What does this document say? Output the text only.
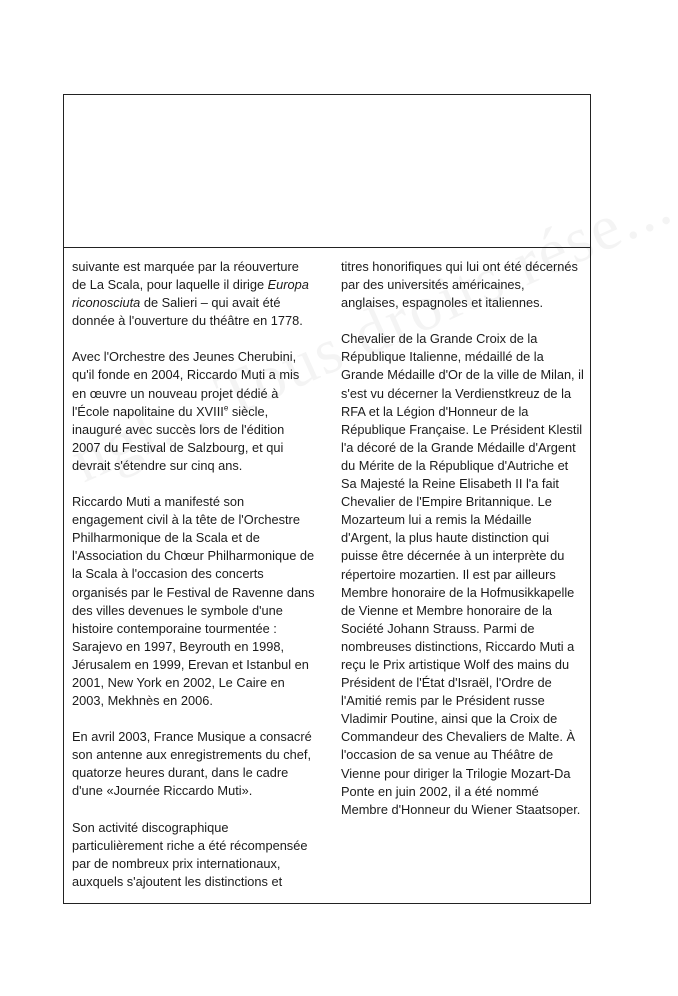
suivante est marquée par la réouverture de La Scala, pour laquelle il dirige Europa riconosciuta de Salieri – qui avait été donnée à l'ouverture du théâtre en 1778.

Avec l'Orchestre des Jeunes Cherubini, qu'il fonde en 2004, Riccardo Muti a mis en œuvre un nouveau projet dédié à l'École napolitaine du XVIIIe siècle, inauguré avec succès lors de l'édition 2007 du Festival de Salzbourg, et qui devrait s'étendre sur cinq ans.

Riccardo Muti a manifesté son engagement civil à la tête de l'Orchestre Philharmonique de la Scala et de l'Association du Chœur Philharmonique de la Scala à l'occasion des concerts organisés par le Festival de Ravenne dans des villes devenues le symbole d'une histoire contemporaine tourmentée : Sarajevo en 1997, Beyrouth en 1998, Jérusalem en 1999, Erevan et Istanbul en 2001, New York en 2002, Le Caire en 2003, Mekhnès en 2006.

En avril 2003, France Musique a consacré son antenne aux enregistrements du chef, quatorze heures durant, dans le cadre d'une «Journée Riccardo Muti».

Son activité discographique particulièrement riche a été récompensée par de nombreux prix internationaux, auxquels s'ajoutent les distinctions et

titres honorifiques qui lui ont été décernés par des universités américaines, anglaises, espagnoles et italiennes.

Chevalier de la Grande Croix de la République Italienne, médaillé de la Grande Médaille d'Or de la ville de Milan, il s'est vu décerner la Verdienstkreuz de la RFA et la Légion d'Honneur de la République Française. Le Président Klestil l'a décoré de la Grande Médaille d'Argent du Mérite de la République d'Autriche et Sa Majesté la Reine Elisabeth II l'a fait Chevalier de l'Empire Britannique. Le Mozarteum lui a remis la Médaille d'Argent, la plus haute distinction qui puisse être décernée à un interprète du répertoire mozartien. Il est par ailleurs Membre honoraire de la Hofmusikkapelle de Vienne et Membre honoraire de la Société Johann Strauss. Parmi de nombreuses distinctions, Riccardo Muti a reçu le Prix artistique Wolf des mains du Président de l'État d'Israël, l'Ordre de l'Amitié remis par le Président russe Vladimir Poutine, ainsi que la Croix de Commandeur des Chevaliers de Malte. À l'occasion de sa venue au Théâtre de Vienne pour diriger la Trilogie Mozart-Da Ponte en juin 2002, il a été nommé Membre d'Honneur du Wiener Staatsoper.
